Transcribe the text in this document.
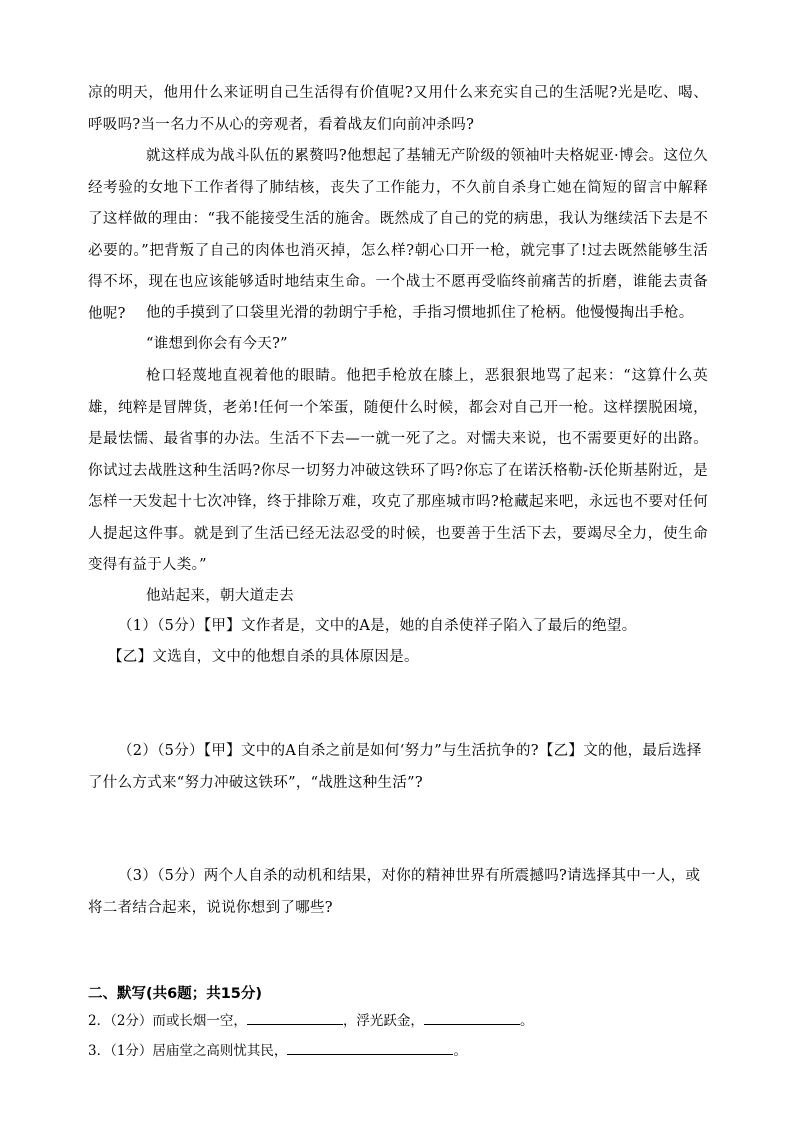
凉的明天，他用什么来证明自己生活得有价值呢?又用什么来充实自己的生活呢?光是吃、喝、呼吸吗?当一名力不从心的旁观者，看着战友们向前冲杀吗?

就这样成为战斗队伍的累赘吗?他想起了基辅无产阶级的领袖叶夫格妮亚·博会。这位久经考验的女地下工作者得了肺结核，丧失了工作能力，不久前自杀身亡她在简短的留言中解释了这样做的理由：“我不能接受生活的施舍。既然成了自己的党的病患，我认为继续活下去是不必要的。”把背叛了自己的肉体也消灭掉，怎么样?朝心口开一枪，就完事了!过去既然能够生活得不坏，现在也应该能够适时地结束生命。一个战士不愿再受临终前痛苦的折磨，谁能去责备他呢?	他的手摸到了口袋里光滑的勃朗宁手枪，手指习惯地抓住了枪柄。他慢慢掏出手枪。

“谁想到你会有今天?”

枪口轻蔑地直视着他的眼睛。他把手枪放在膝上，恶狠狠地骂了起来：“这算什么英雄，纯粹是冒牌货，老弟!任何一个笨蛋，随便什么时候，都会对自己开一枪。这样摆脱困境，是最怯懦、最省事的办法。生活不下去—一就一死了之。对懦夫来说，也不需要更好的出路。你试过去战胜这种生活吗?你尽一切努力冲破这铁环了吗?你忘了在诺沃格勒-沃伦斯基附近，是怎样一天发起十七次冲锋，终于排除万难，攻克了那座城市吗?枪藏起来吧，永远也不要对任何人提起这件事。就是到了生活已经无法忍受的时候，也要善于生活下去，要竭尽全力，使生命变得有益于人类。”

他站起来，朝大道走去

（1）（5分）【甲】文作者是，文中的A是，她的自杀使祥子陷入了最后的绝望。

【乙】文选自，文中的他想自杀的具体原因是。

（2）（5分）【甲】文中的A自杀之前是如何‘努力”与生活抗争的?【乙】文的他，最后选择了什么方式来“努力冲破这铁环”，“战胜这种生活”?

（3）（5分）两个人自杀的动机和结果，对你的精神世界有所震撼吗?请选择其中一人，或将二者结合起来，说说你想到了哪些?

二、默写(共6题；共15分)
2．（2分）而或长烟一空，	，浮光跃金，	。
3．（1分）居庙堂之高则忧其民，	。
